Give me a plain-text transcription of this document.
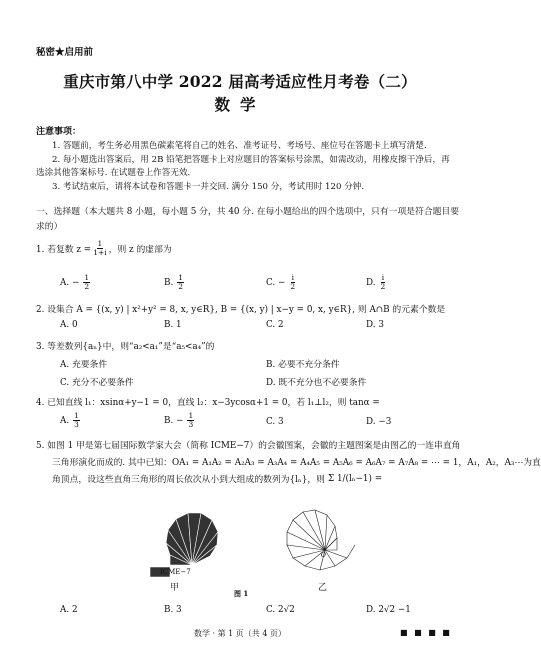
秘密★启用前
重庆市第八中学 2022 届高考适应性月考卷（二）
数学
注意事项：
1. 答题前，考生务必用黑色碳素笔将自己的姓名、准考证号、考场号、座位号在答题卡上填写清楚.
2. 每小题选出答案后，用 2B 铅笔把答题卡上对应题目的答案标号涂黑，如需改动，用橡皮擦干净后，再
选涂其他答案标号. 在试题卷上作答无效.
3. 考试结束后，请将本试卷和答题卡一并交回. 满分 150 分，考试用时 120 分钟.
一、选择题（本大题共 8 小题，每小题 5 分，共 40 分. 在每小题给出的四个选项中，只有一项是符合题目要
求的）
1. 若复数 $z = \frac{1}{1+i}$ ，则 z 的虚部为
A. − $\frac{1}{2}$	B. $\frac{1}{2}$	C. − $\frac{i}{2}$	D. $\frac{i}{2}$
2. 设集合 A = {(x, y) | x²+y² = 8, x, y∈R}, B = {(x, y) | x−y = 0, x, y∈R}, 则 A∩B 的元素个数是
A. 0	B. 1	C. 2	D. 3
3. 等差数列{aₙ}中，则“a₂<a₁”是“a₅<a₄”的
A. 充要条件	B. 必要不充分条件
C. 充分不必要条件	D. 既不充分也不必要条件
4. 已知直线 l₁：xsinα+y−1 = 0，直线 l₂：x−3ycosα+1 = 0，若 l₁⊥l₂，则 tanα =
A. $\frac{1}{3}$	B. − $\frac{1}{3}$	C. 3	D. −3
5. 如图 1 甲是第七届国际数学家大会（简称 ICME−7）的会徽图案，会徽的主题图案是由图乙的一连串直角
三角形演化而成的. 其中已知：OA₁ = A₁A₂ = A₂A₃ = A₃A₄ = A₄A₅ = A₅A₆ = A₆A₇ = A₇A₈ = ⋯ = 1，A₁，A₂，A₃⋯为直
角顶点，设这些直角三角形的周长依次从小到大组成的数列为{lₙ}，则 Σ 1/(lₙ−1) =
ICME−7
甲
O
乙
图 1
A. 2	B. 3	C. 2√2	D. 2√2 −1
数学 · 第 1 页（共 4 页）	■ ■ ■ ■
